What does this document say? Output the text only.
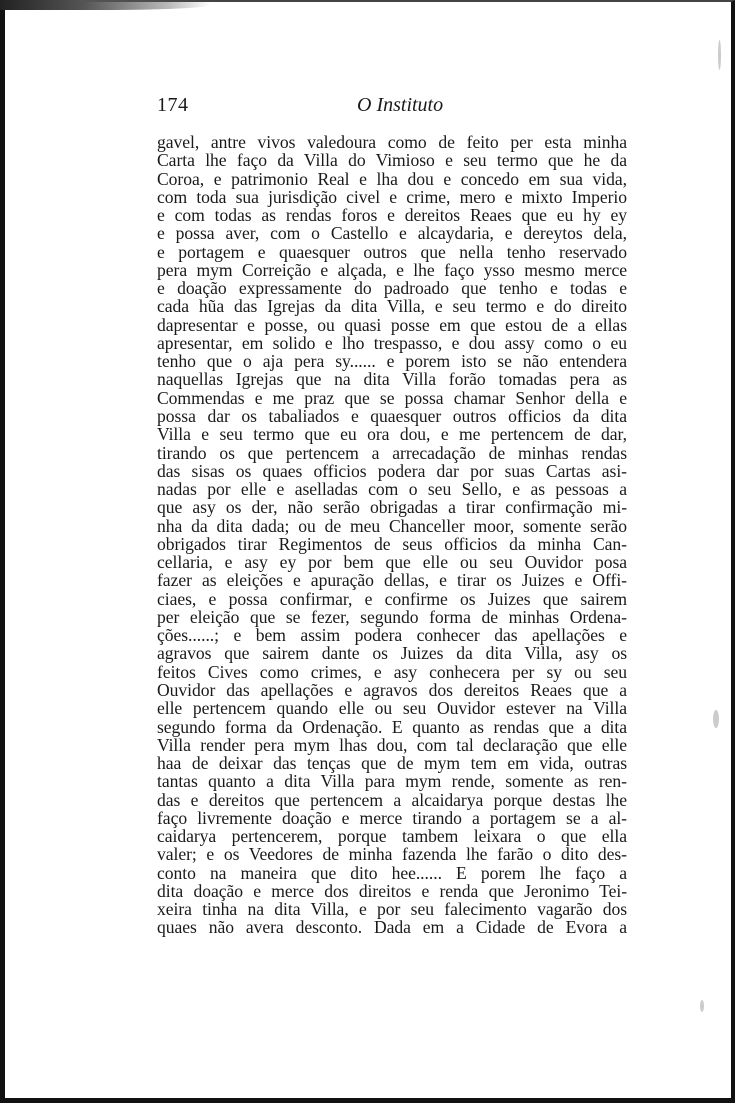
174	O Instituto
gavel, antre vivos valedoura como de feito per esta minha
Carta lhe faço da Villa do Vimioso e seu termo que he da
Coroa, e patrimonio Real e lha dou e concedo em sua vida,
com toda sua jurisdição civel e crime, mero e mixto Imperio
e com todas as rendas foros e dereitos Reaes que eu hy ey
e possa aver, com o Castello e alcaydaria, e dereytos dela,
e portagem e quaesquer outros que nella tenho reservado
pera mym Correição e alçada, e lhe faço ysso mesmo merce
e doação expressamente do padroado que tenho e todas e
cada hũa das Igrejas da dita Villa, e seu termo e do direito
dapresentar e posse, ou quasi posse em que estou de a ellas
apresentar, em solido e lho trespasso, e dou assy como o eu
tenho que o aja pera sy...... e porem isto se não entendera
naquellas Igrejas que na dita Villa forão tomadas pera as
Commendas e me praz que se possa chamar Senhor della e
possa dar os tabaliados e quaesquer outros officios da dita
Villa e seu termo que eu ora dou, e me pertencem de dar,
tirando os que pertencem a arrecadação de minhas rendas
das sisas os quaes officios podera dar por suas Cartas asi-
nadas por elle e aselladas com o seu Sello, e as pessoas a
que asy os der, não serão obrigadas a tirar confirmação mi-
nha da dita dada; ou de meu Chanceller moor, somente serão
obrigados tirar Regimentos de seus officios da minha Can-
cellaria, e asy ey por bem que elle ou seu Ouvidor posa
fazer as eleições e apuração dellas, e tirar os Juizes e Offi-
ciaes, e possa confirmar, e confirme os Juizes que sairem
per eleição que se fezer, segundo forma de minhas Ordena-
ções......; e bem assim podera conhecer das apellações e
agravos que sairem dante os Juizes da dita Villa, asy os
feitos Cives como crimes, e asy conhecera per sy ou seu
Ouvidor das apellações e agravos dos dereitos Reaes que a
elle pertencem quando elle ou seu Ouvidor estever na Villa
segundo forma da Ordenação. E quanto as rendas que a dita
Villa render pera mym lhas dou, com tal declaração que elle
haa de deixar das tenças que de mym tem em vida, outras
tantas quanto a dita Villa para mym rende, somente as ren-
das e dereitos que pertencem a alcaidarya porque destas lhe
faço livremente doação e merce tirando a portagem se a al-
caidarya pertencerem, porque tambem leixara o que ella
valer; e os Veedores de minha fazenda lhe farão o dito des-
conto na maneira que dito hee...... E porem lhe faço a
dita doação e merce dos direitos e renda que Jeronimo Tei-
xeira tinha na dita Villa, e por seu falecimento vagarão dos
quaes não avera desconto. Dada em a Cidade de Evora a
